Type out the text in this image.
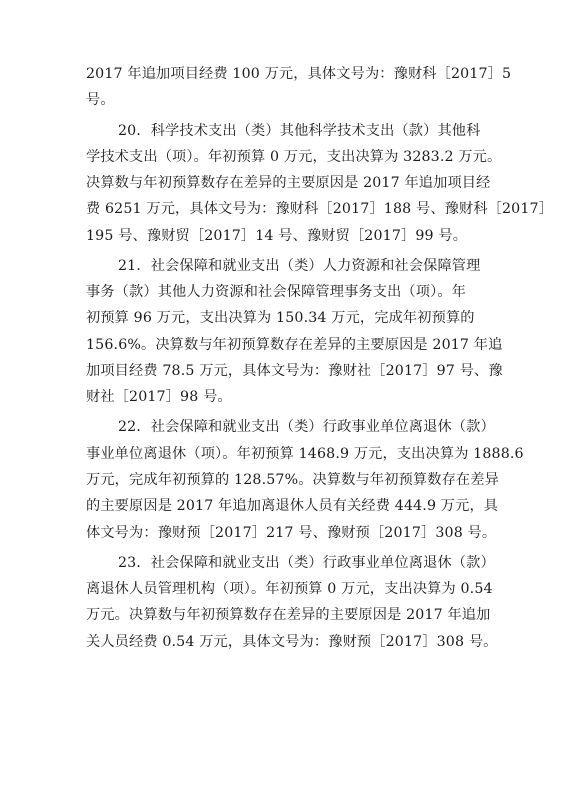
2017 年追加项目经费 100 万元，具体文号为：豫财科［2017］5
号。
20．科学技术支出（类）其他科学技术支出（款）其他科
学技术支出（项）。年初预算 0 万元，支出决算为 3283.2 万元。
决算数与年初预算数存在差异的主要原因是 2017 年追加项目经
费 6251 万元，具体文号为：豫财科［2017］188 号、豫财科［2017］
195 号、豫财贸［2017］14 号、豫财贸［2017］99 号。
21．社会保障和就业支出（类）人力资源和社会保障管理
事务（款）其他人力资源和社会保障管理事务支出（项）。年
初预算 96 万元，支出决算为 150.34 万元，完成年初预算的
156.6%。决算数与年初预算数存在差异的主要原因是 2017 年追
加项目经费 78.5 万元，具体文号为：豫财社［2017］97 号、豫
财社［2017］98 号。
22．社会保障和就业支出（类）行政事业单位离退休（款）
事业单位离退休（项）。年初预算 1468.9 万元，支出决算为 1888.6
万元，完成年初预算的 128.57%。决算数与年初预算数存在差异
的主要原因是 2017 年追加离退休人员有关经费 444.9 万元，具
体文号为：豫财预［2017］217 号、豫财预［2017］308 号。
23．社会保障和就业支出（类）行政事业单位离退休（款）
离退休人员管理机构（项）。年初预算 0 万元，支出决算为 0.54
万元。决算数与年初预算数存在差异的主要原因是 2017 年追加
关人员经费 0.54 万元，具体文号为：豫财预［2017］308 号。
